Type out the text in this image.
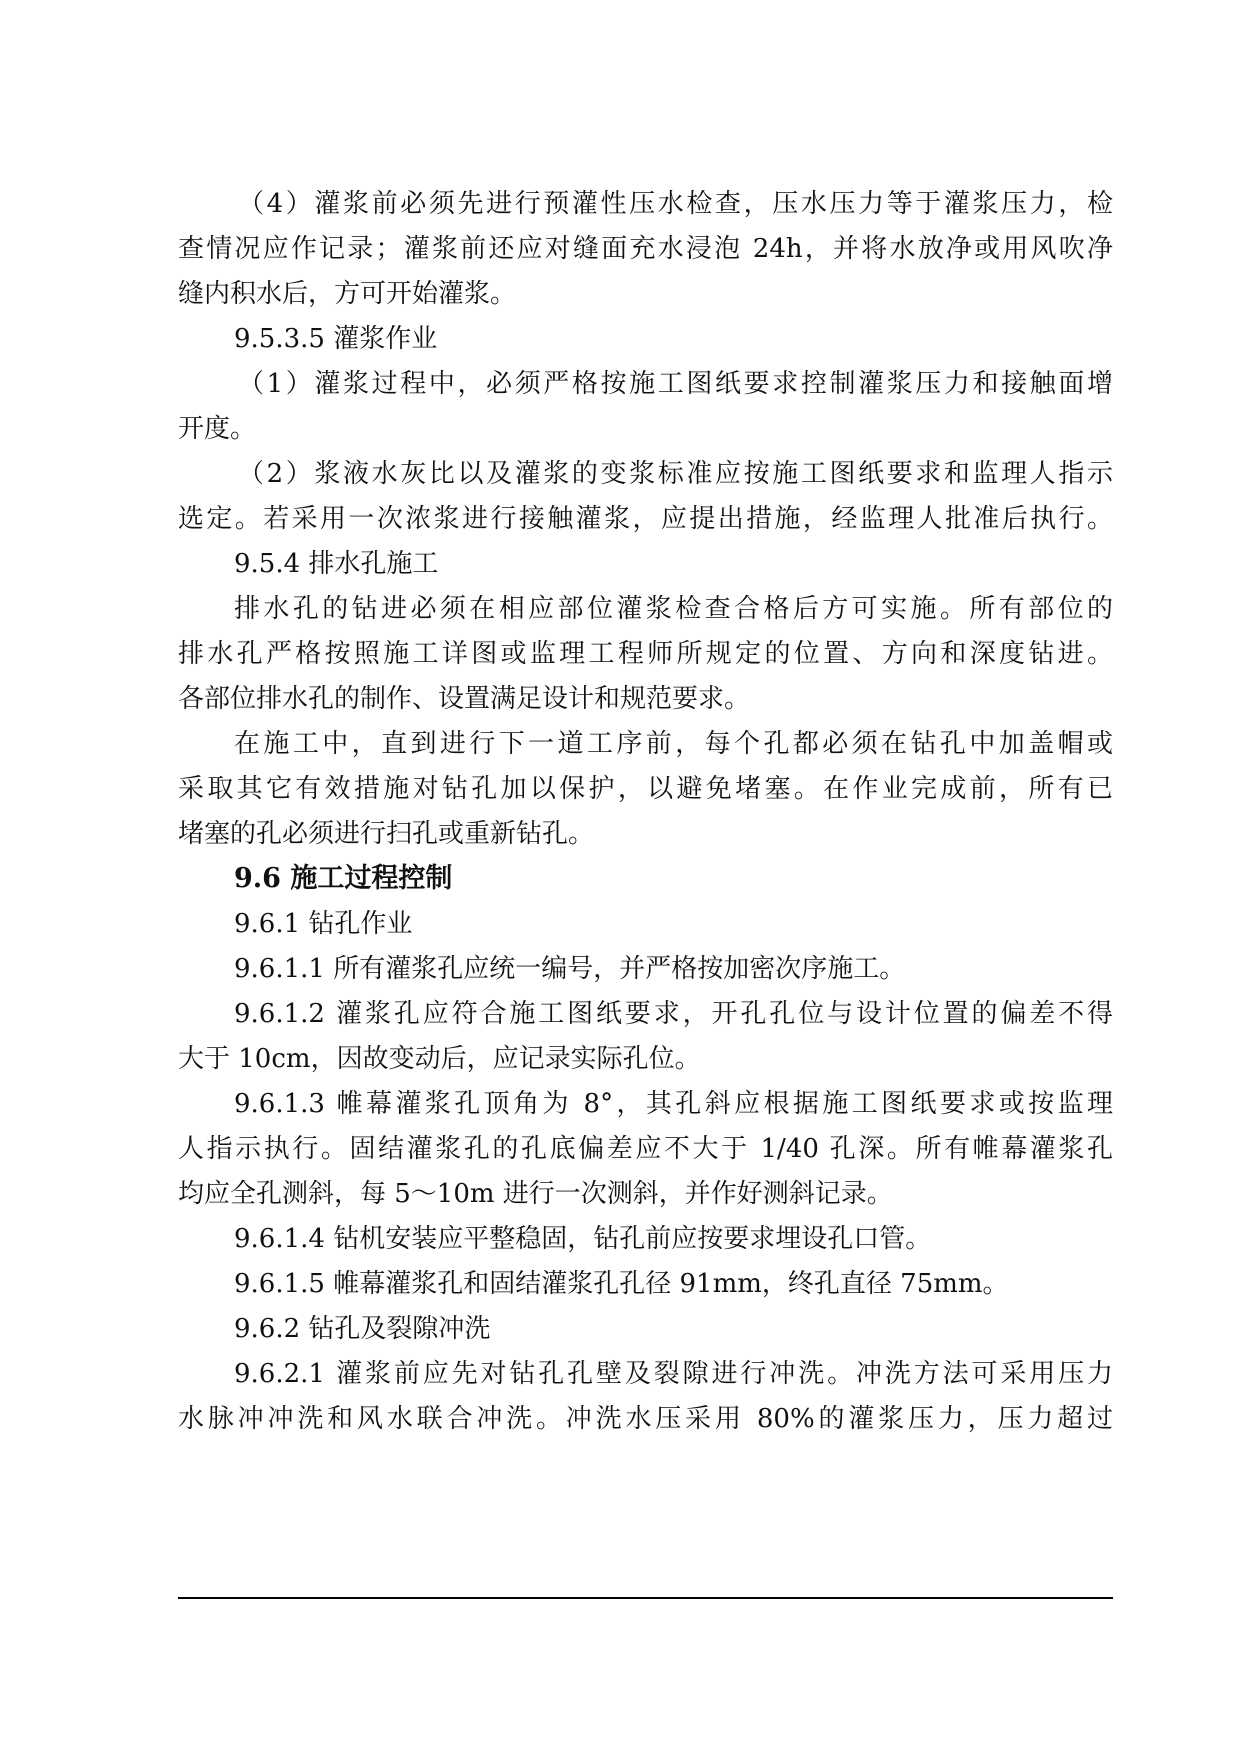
（4）灌浆前必须先进行预灌性压水检查，压水压力等于灌浆压力，检
查情况应作记录；灌浆前还应对缝面充水浸泡 24h，并将水放净或用风吹净
缝内积水后，方可开始灌浆。
9.5.3.5 灌浆作业
（1）灌浆过程中，必须严格按施工图纸要求控制灌浆压力和接触面增
开度。
（2）浆液水灰比以及灌浆的变浆标准应按施工图纸要求和监理人指示
选定。若采用一次浓浆进行接触灌浆，应提出措施，经监理人批准后执行。
9.5.4 排水孔施工
排水孔的钻进必须在相应部位灌浆检查合格后方可实施。所有部位的
排水孔严格按照施工详图或监理工程师所规定的位置、方向和深度钻进。
各部位排水孔的制作、设置满足设计和规范要求。
在施工中，直到进行下一道工序前，每个孔都必须在钻孔中加盖帽或
采取其它有效措施对钻孔加以保护，以避免堵塞。在作业完成前，所有已
堵塞的孔必须进行扫孔或重新钻孔。
9.6 施工过程控制
9.6.1 钻孔作业
9.6.1.1 所有灌浆孔应统一编号，并严格按加密次序施工。
9.6.1.2 灌浆孔应符合施工图纸要求，开孔孔位与设计位置的偏差不得
大于 10cm，因故变动后，应记录实际孔位。
9.6.1.3 帷幕灌浆孔顶角为 8°，其孔斜应根据施工图纸要求或按监理
人指示执行。固结灌浆孔的孔底偏差应不大于 1/40 孔深。所有帷幕灌浆孔
均应全孔测斜，每 5～10m 进行一次测斜，并作好测斜记录。
9.6.1.4 钻机安装应平整稳固，钻孔前应按要求埋设孔口管。
9.6.1.5 帷幕灌浆孔和固结灌浆孔孔径 91mm，终孔直径 75mm。
9.6.2 钻孔及裂隙冲洗
9.6.2.1 灌浆前应先对钻孔孔壁及裂隙进行冲洗。冲洗方法可采用压力
水脉冲冲洗和风水联合冲洗。冲洗水压采用 80%的灌浆压力，压力超过
